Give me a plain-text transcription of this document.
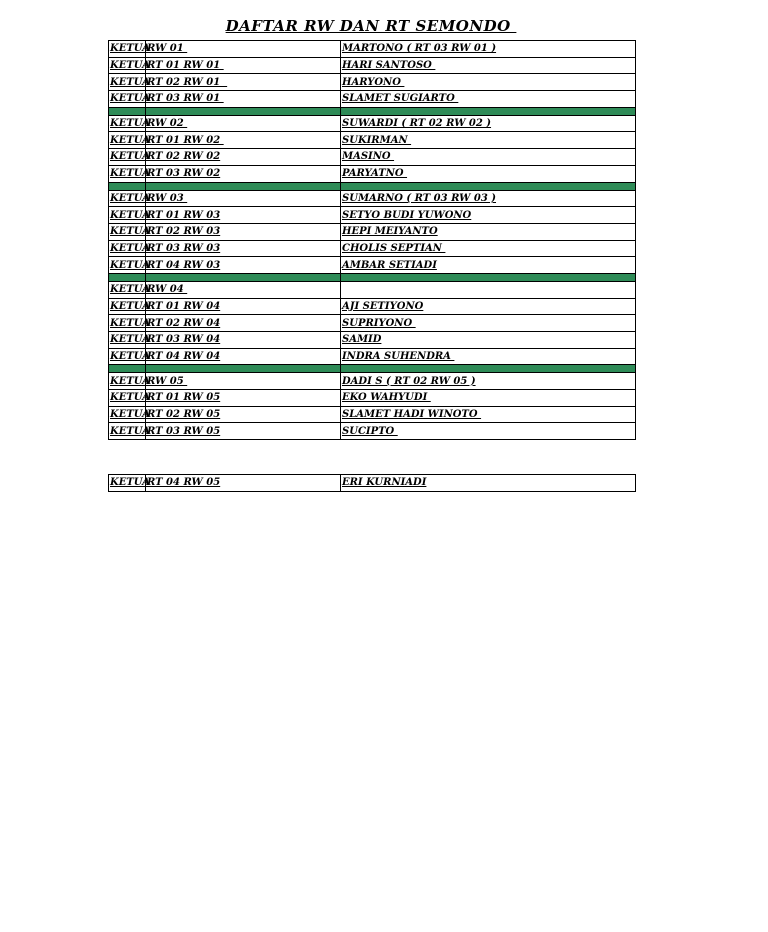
DAFTAR RW DAN RT SEMONDO
KETUA	RW 01	MARTONO ( RT 03 RW 01 )
KETUA	RT 01 RW 01	HARI SANTOSO
KETUA	RT 02 RW 01	HARYONO
KETUA	RT 03 RW 01	SLAMET SUGIARTO

KETUA	RW 02	SUWARDI ( RT 02 RW 02 )
KETUA	RT 01 RW 02	SUKIRMAN
KETUA	RT 02 RW 02	MASINO
KETUA	RT 03 RW 02	PARYATNO

KETUA	RW 03	SUMARNO ( RT 03 RW 03 )
KETUA	RT 01 RW 03	SETYO BUDI YUWONO
KETUA	RT 02 RW 03	HEPI MEIYANTO
KETUA	RT 03 RW 03	CHOLIS SEPTIAN
KETUA	RT 04 RW 03	AMBAR SETIADI

KETUA	RW 04	
KETUA	RT 01 RW 04	AJI SETIYONO
KETUA	RT 02 RW 04	SUPRIYONO
KETUA	RT 03 RW 04	SAMID
KETUA	RT 04 RW 04	INDRA SUHENDRA

KETUA	RW 05	DADI S ( RT 02 RW 05 )
KETUA	RT 01 RW 05	EKO WAHYUDI
KETUA	RT 02 RW 05	SLAMET HADI WINOTO
KETUA	RT 03 RW 05	SUCIPTO
KETUA	RT 04 RW 05	ERI KURNIADI
